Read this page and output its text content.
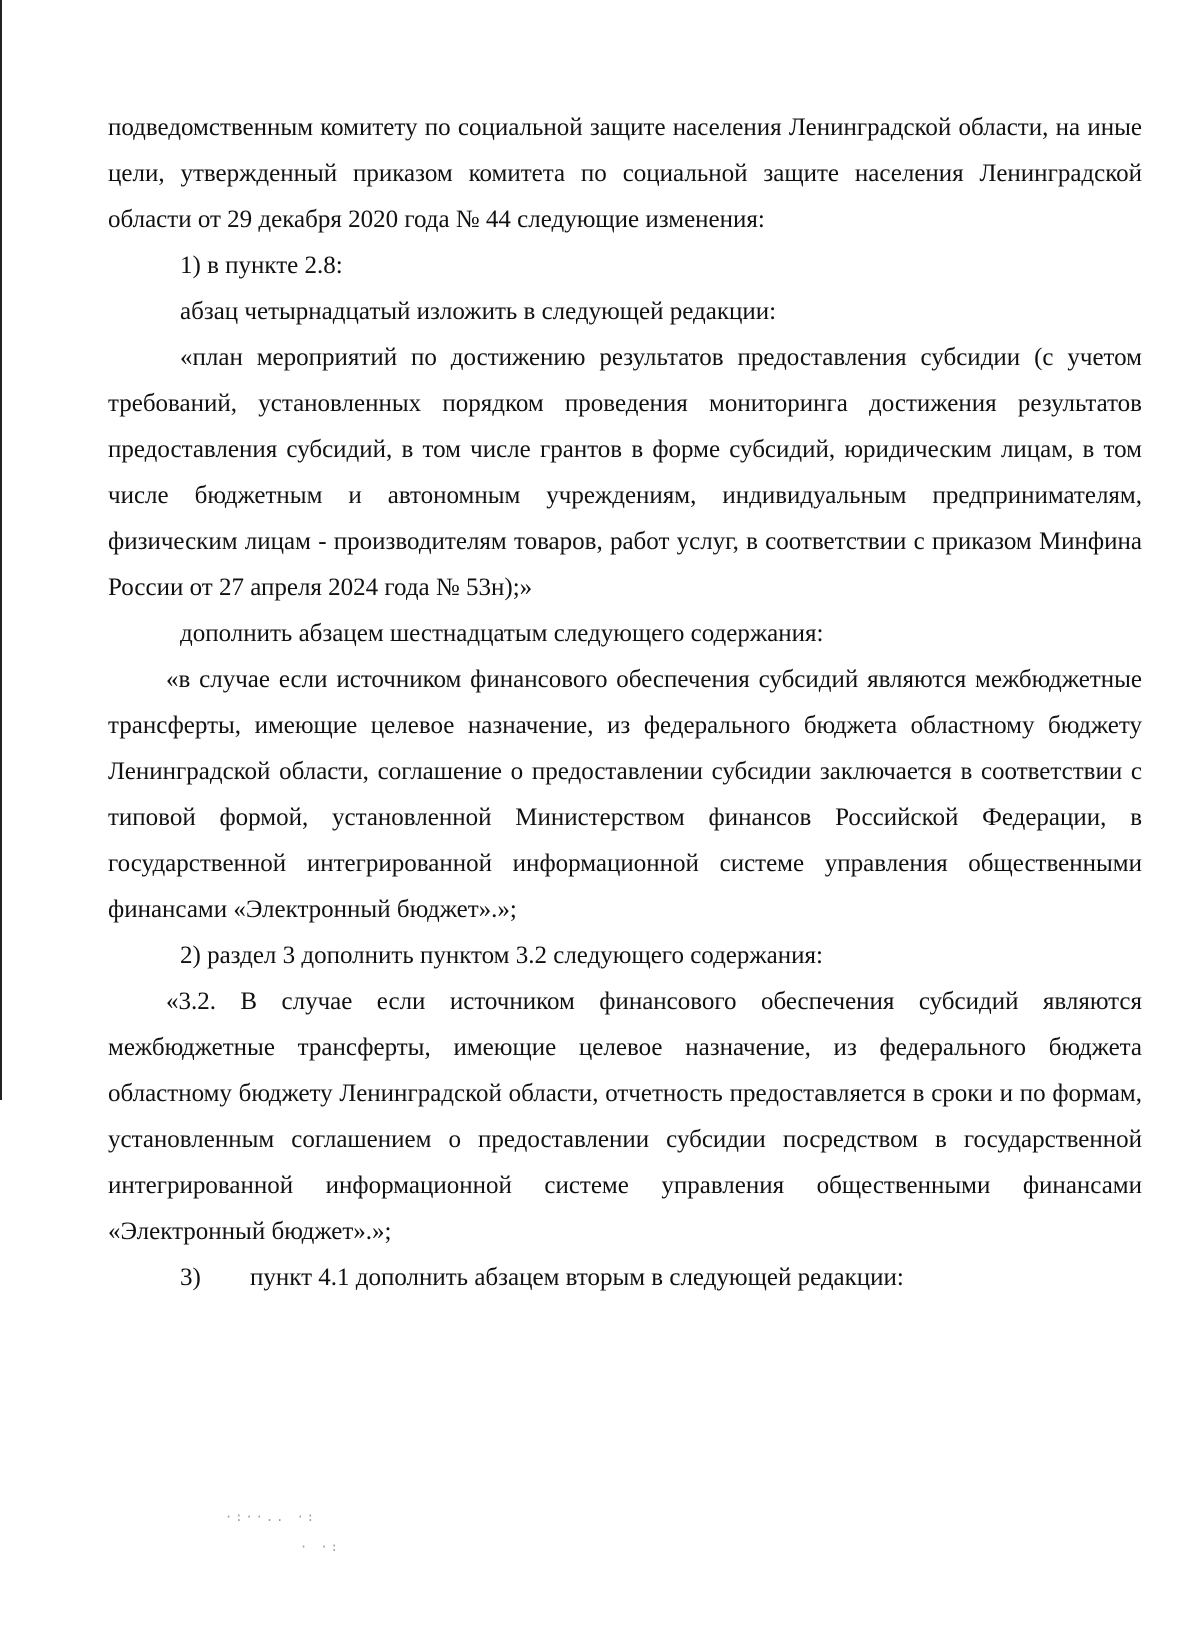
подведомственным комитету по социальной защите населения Ленинградской области, на иные цели, утвержденный приказом комитета по социальной защите населения Ленинградской области от 29 декабря 2020 года № 44 следующие изменения:

1) в пункте 2.8:

абзац четырнадцатый изложить в следующей редакции:

«план мероприятий по достижению результатов предоставления субсидии (с учетом требований, установленных порядком проведения мониторинга достижения результатов предоставления субсидий, в том числе грантов в форме субсидий, юридическим лицам, в том числе бюджетным и автономным учреждениям, индивидуальным предпринимателям, физическим лицам - производителям товаров, работ услуг, в соответствии с приказом Минфина России от 27 апреля 2024 года № 53н);»

дополнить абзацем шестнадцатым следующего содержания:

«в случае если источником финансового обеспечения субсидий являются межбюджетные трансферты, имеющие целевое назначение, из федерального бюджета областному бюджету Ленинградской области, соглашение о предоставлении субсидии заключается в соответствии с типовой формой, установленной Министерством финансов Российской Федерации, в государственной интегрированной информационной системе управления общественными финансами «Электронный бюджет».»;

2) раздел 3 дополнить пунктом 3.2 следующего содержания:

«3.2. В случае если источником финансового обеспечения субсидий являются межбюджетные трансферты, имеющие целевое назначение, из федерального бюджета областному бюджету Ленинградской области, отчетность предоставляется в сроки и по формам, установленным соглашением о предоставлении субсидии посредством в государственной интегрированной информационной системе управления общественными финансами «Электронный бюджет».»;

3)	пункт 4.1 дополнить абзацем вторым в следующей редакции:
·:··.. ·:
· ·:
